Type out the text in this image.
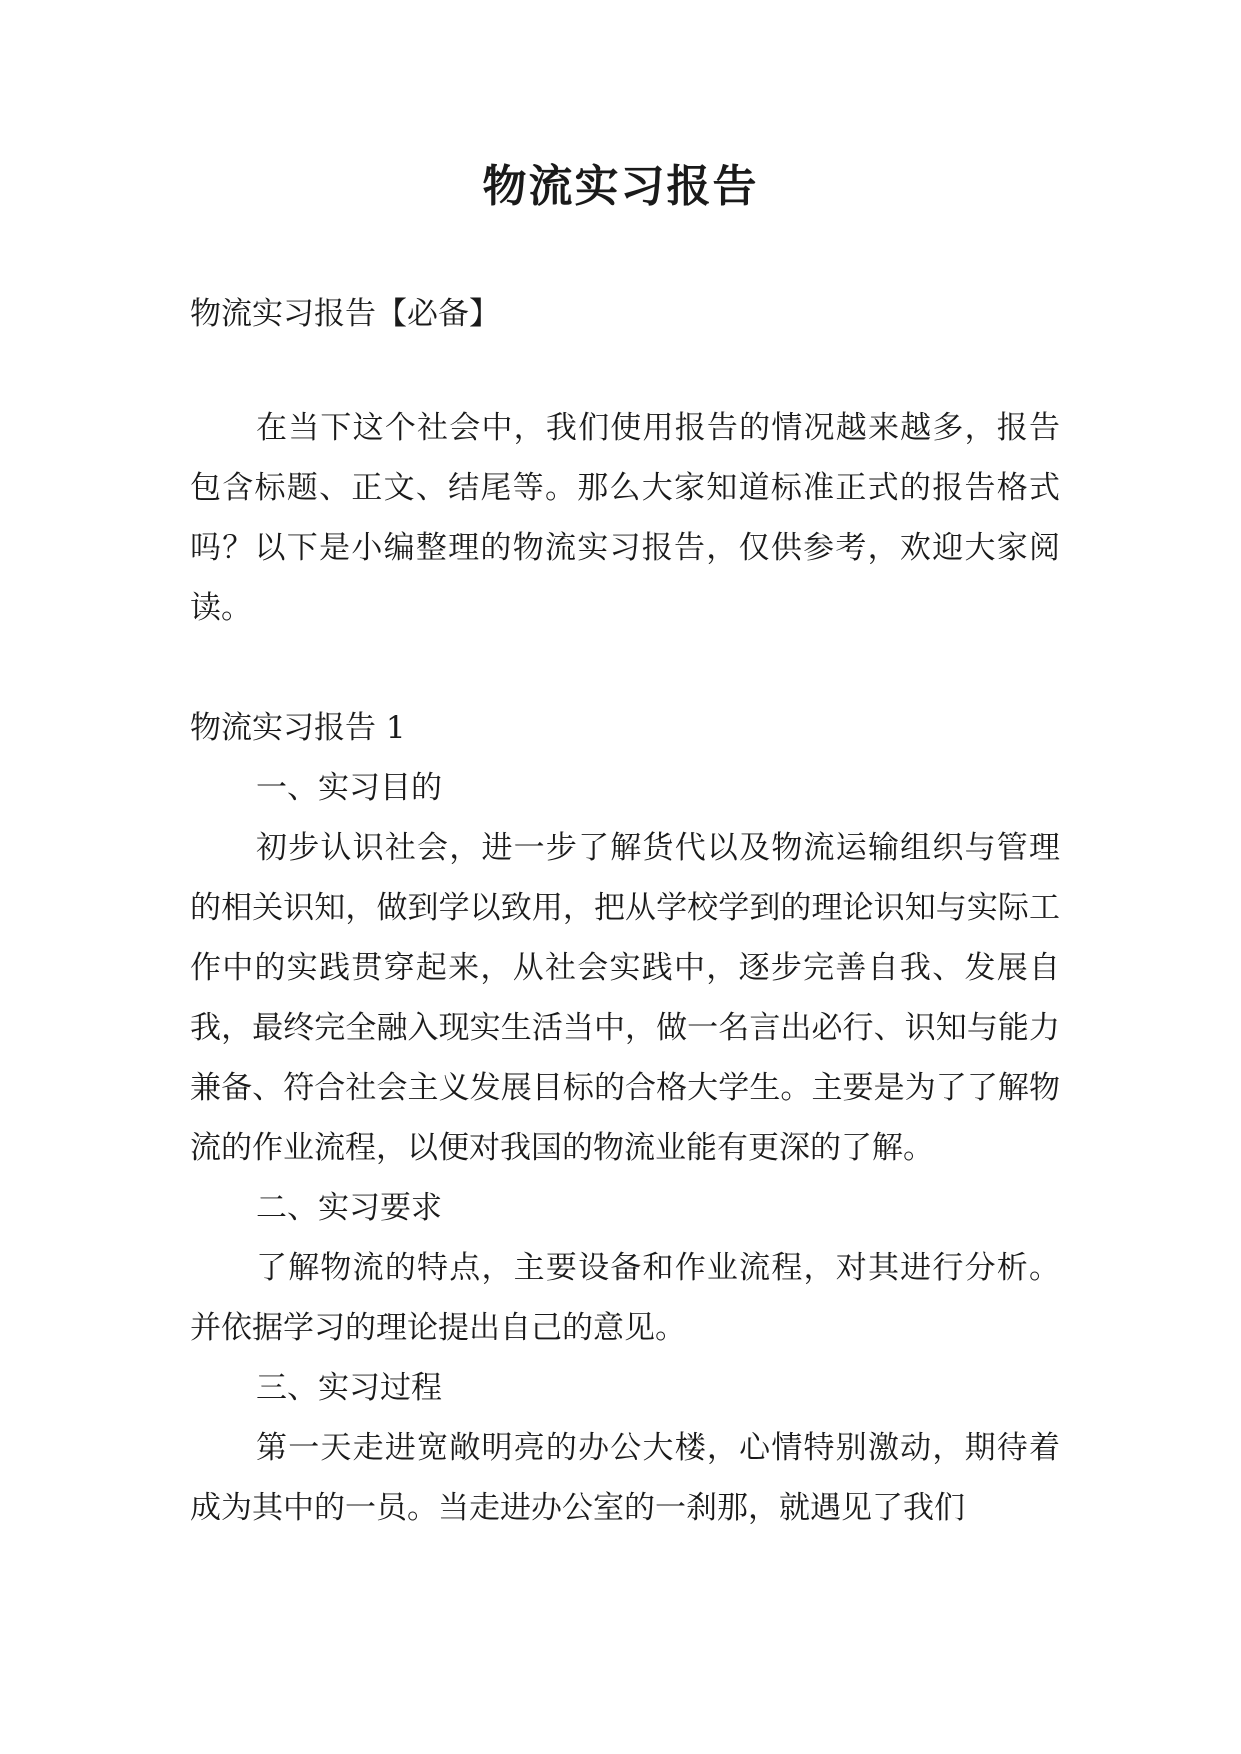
物流实习报告

物流实习报告【必备】

在当下这个社会中，我们使用报告的情况越来越多，报告包含标题、正文、结尾等。那么大家知道标准正式的报告格式吗？以下是小编整理的物流实习报告，仅供参考，欢迎大家阅读。

物流实习报告 1

一、实习目的

初步认识社会，进一步了解货代以及物流运输组织与管理的相关识知，做到学以致用，把从学校学到的理论识知与实际工作中的实践贯穿起来，从社会实践中，逐步完善自我、发展自我，最终完全融入现实生活当中，做一名言出必行、识知与能力兼备、符合社会主义发展目标的合格大学生。主要是为了了解物流的作业流程，以便对我国的物流业能有更深的了解。

二、实习要求

了解物流的特点，主要设备和作业流程，对其进行分析。并依据学习的理论提出自己的意见。

三、实习过程

第一天走进宽敞明亮的办公大楼，心情特别激动，期待着成为其中的一员。当走进办公室的一刹那，就遇见了我们
